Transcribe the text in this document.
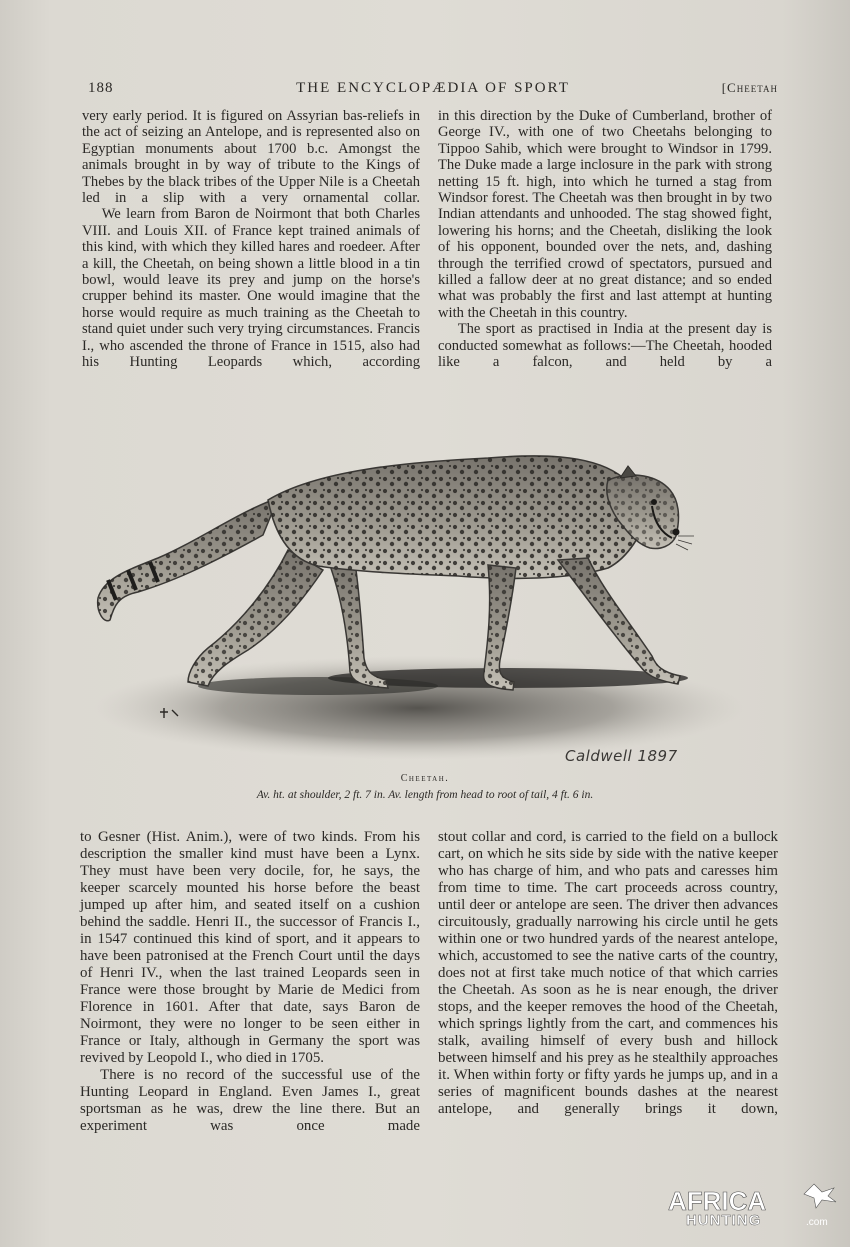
188	THE ENCYCLOPÆDIA OF SPORT	[Cheetah

very early period. It is figured on Assyrian bas-reliefs in the act of seizing an Antelope, and is represented also on Egyptian monuments about 1700 b.c. Amongst the animals brought in by way of tribute to the Kings of Thebes by the black tribes of the Upper Nile is a Cheetah led in a slip with a very ornamental collar.

We learn from Baron de Noirmont that both Charles VIII. and Louis XII. of France kept trained animals of this kind, with which they killed hares and roedeer. After a kill, the Cheetah, on being shown a little blood in a tin bowl, would leave its prey and jump on the horse's crupper behind its master. One would imagine that the horse would require as much training as the Cheetah to stand quiet under such very trying circumstances. Francis I., who ascended the throne of France in 1515, also had his Hunting Leopards which, according

in this direction by the Duke of Cumberland, brother of George IV., with one of two Cheetahs belonging to Tippoo Sahib, which were brought to Windsor in 1799. The Duke made a large inclosure in the park with strong netting 15 ft. high, into which he turned a stag from Windsor forest. The Cheetah was then brought in by two Indian attendants and unhooded. The stag showed fight, lowering his horns; and the Cheetah, disliking the look of his opponent, bounded over the nets, and, dashing through the terrified crowd of spectators, pursued and killed a fallow deer at no great distance; and so ended what was probably the first and last attempt at hunting with the Cheetah in this country.

The sport as practised in India at the present day is conducted somewhat as follows:—The Cheetah, hooded like a falcon, and held by a

Caldwell 1897
Cheetah.
Av. ht. at shoulder, 2 ft. 7 in. Av. length from head to root of tail, 4 ft. 6 in.

to Gesner (Hist. Anim.), were of two kinds. From his description the smaller kind must have been a Lynx. They must have been very docile, for, he says, the keeper scarcely mounted his horse before the beast jumped up after him, and seated itself on a cushion behind the saddle. Henri II., the successor of Francis I., in 1547 continued this kind of sport, and it appears to have been patronised at the French Court until the days of Henri IV., when the last trained Leopards seen in France were those brought by Marie de Medici from Florence in 1601. After that date, says Baron de Noirmont, they were no longer to be seen either in France or Italy, although in Germany the sport was revived by Leopold I., who died in 1705.

There is no record of the successful use of the Hunting Leopard in England. Even James I., great sportsman as he was, drew the line there. But an experiment was once made

stout collar and cord, is carried to the field on a bullock cart, on which he sits side by side with the native keeper who has charge of him, and who pats and caresses him from time to time. The cart proceeds across country, until deer or antelope are seen. The driver then advances circuitously, gradually narrowing his circle until he gets within one or two hundred yards of the nearest antelope, which, accustomed to see the native carts of the country, does not at first take much notice of that which carries the Cheetah. As soon as he is near enough, the driver stops, and the keeper removes the hood of the Cheetah, which springs lightly from the cart, and commences his stalk, availing himself of every bush and hillock between himself and his prey as he stealthily approaches it. When within forty or fifty yards he jumps up, and in a series of magnificent bounds dashes at the nearest antelope, and generally brings it down,

AFRICA
HUNTING	.com
